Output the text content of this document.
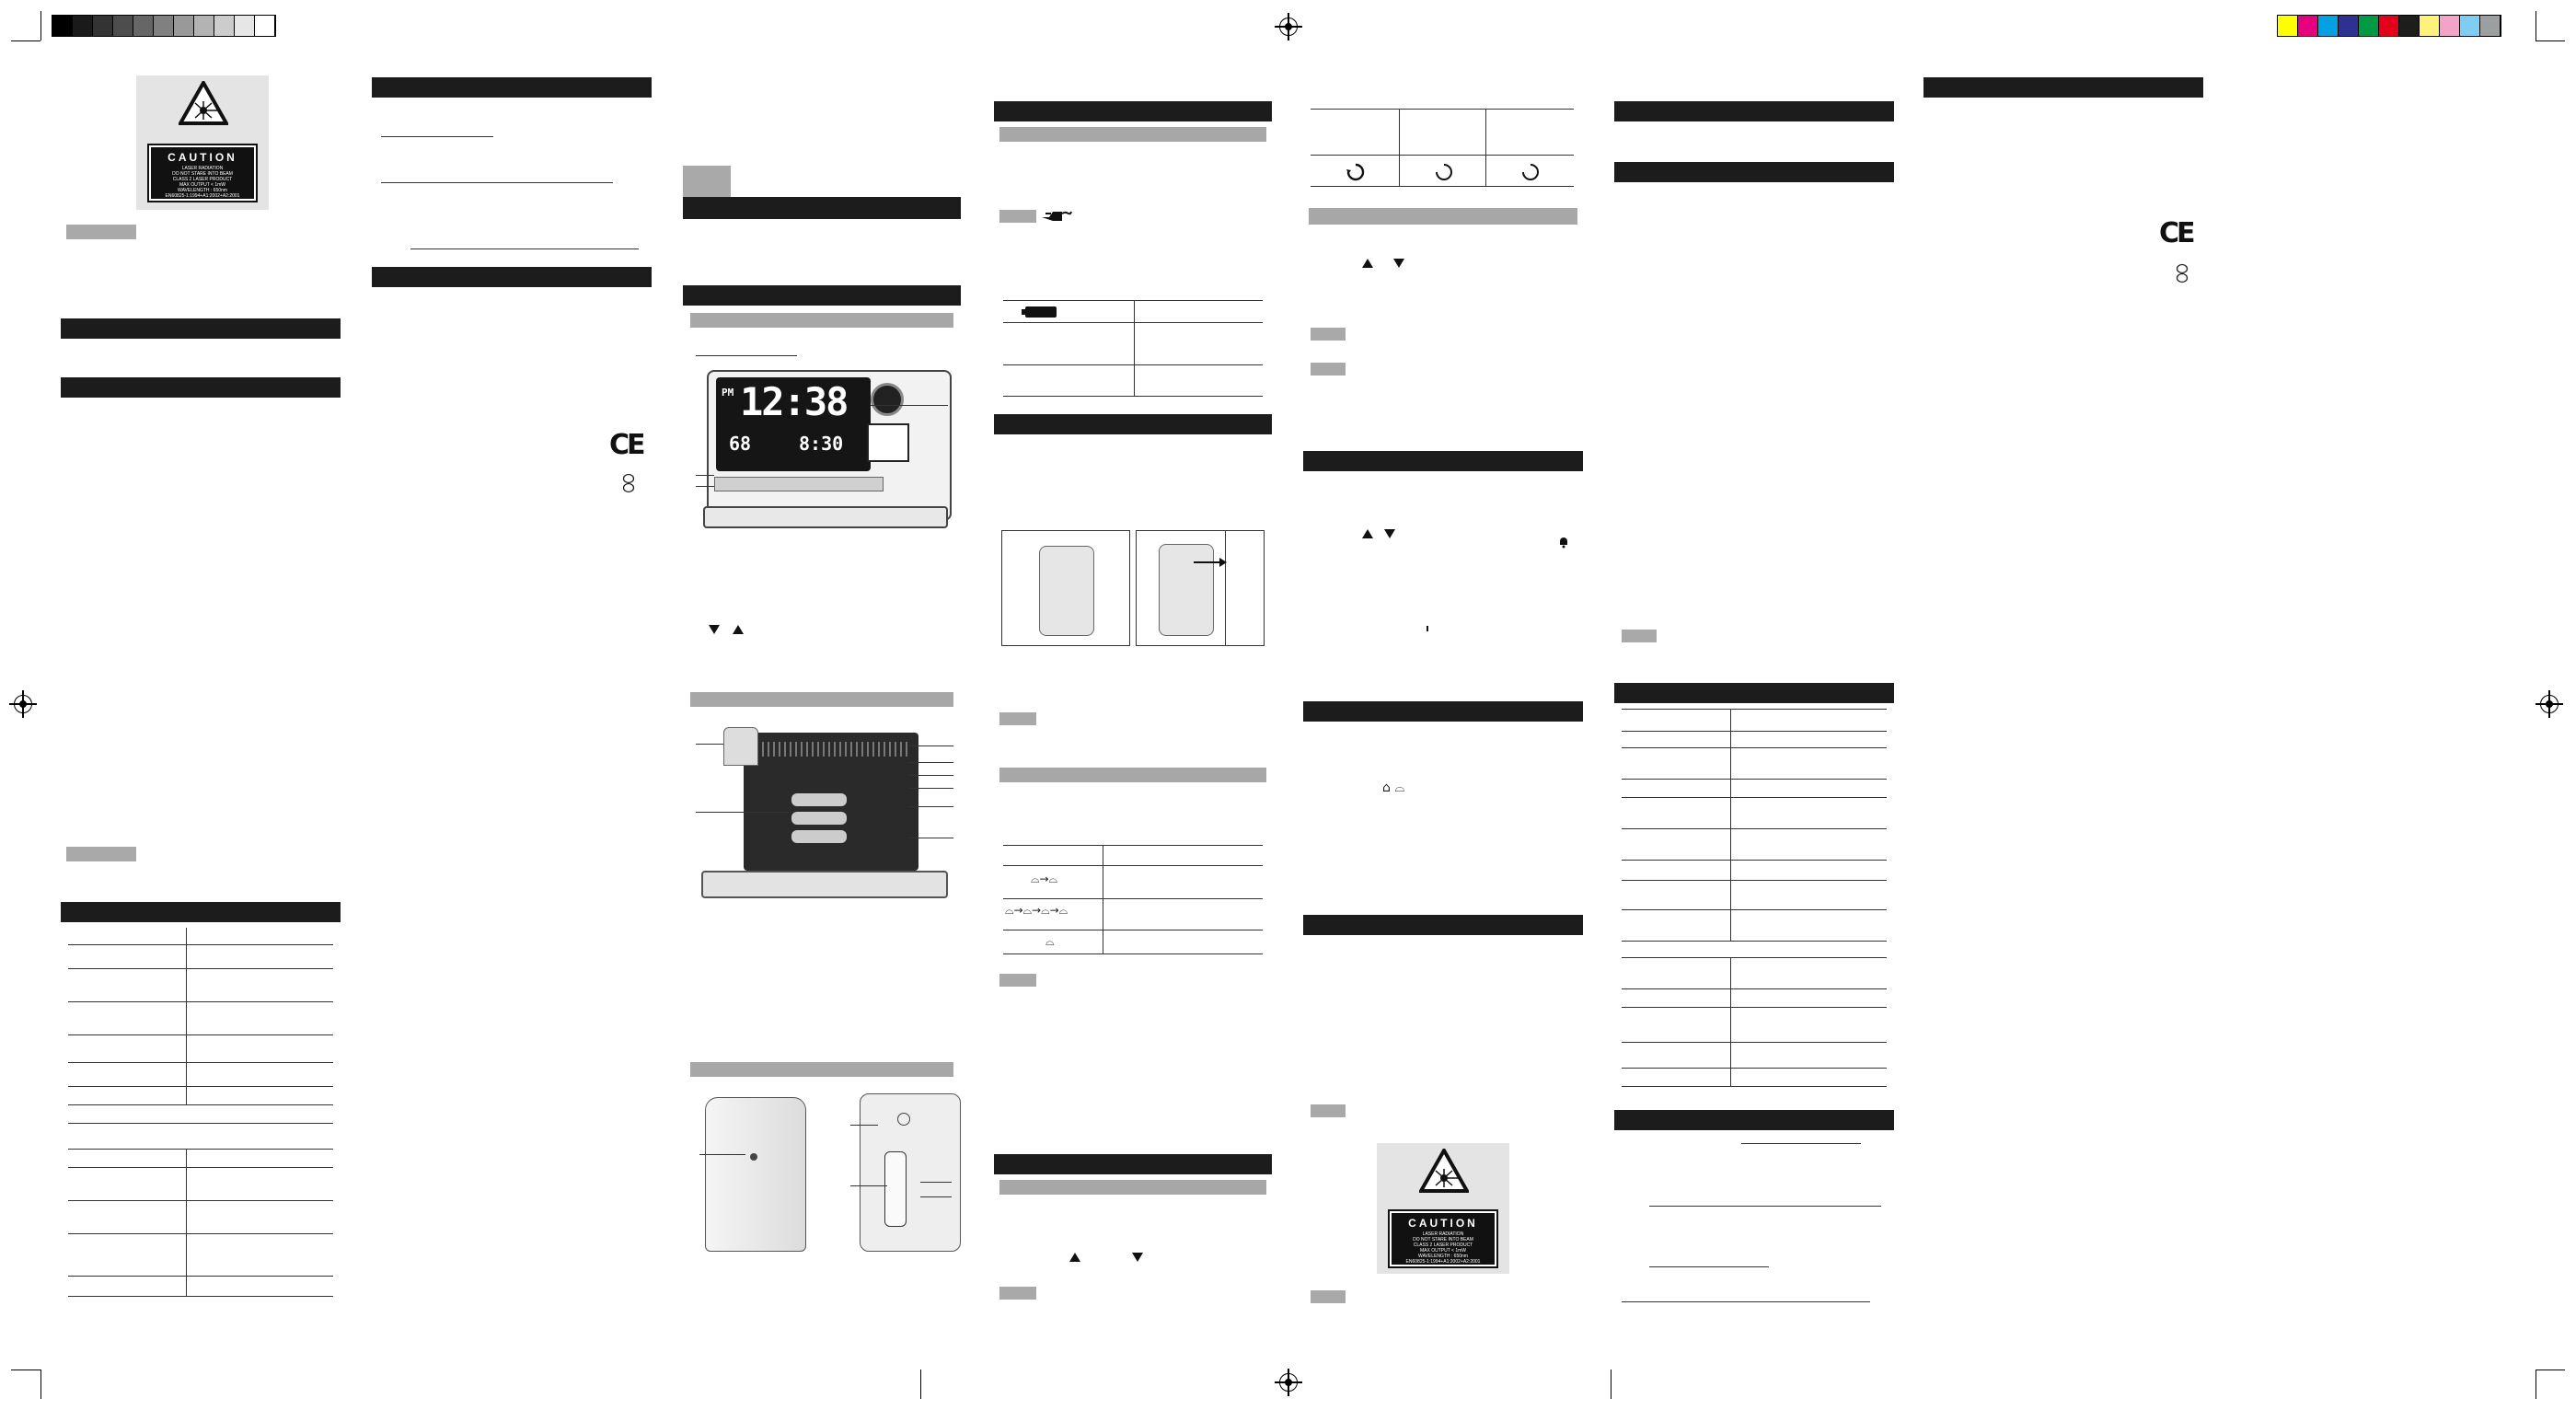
CAUTION
LASER RADIATION
DO NOT STARE INTO BEAM
CLASS 2 LASER PRODUCT
MAX OUTPUT < 1mW
WAVELENGTH : 650nm
EN60825-1:1994+A1:2002+A2:2001
CE
PM 12:38
68	8:30
⌓→⌓
⌓→⌓→⌓→⌓
⌓
⌂ ⌓
CAUTION
LASER RADIATION
DO NOT STARE INTO BEAM
CLASS 2 LASER PRODUCT
MAX OUTPUT < 1mW
WAVELENGTH : 650nm
EN60825-1:1994+A1:2002+A2:2001
CE
